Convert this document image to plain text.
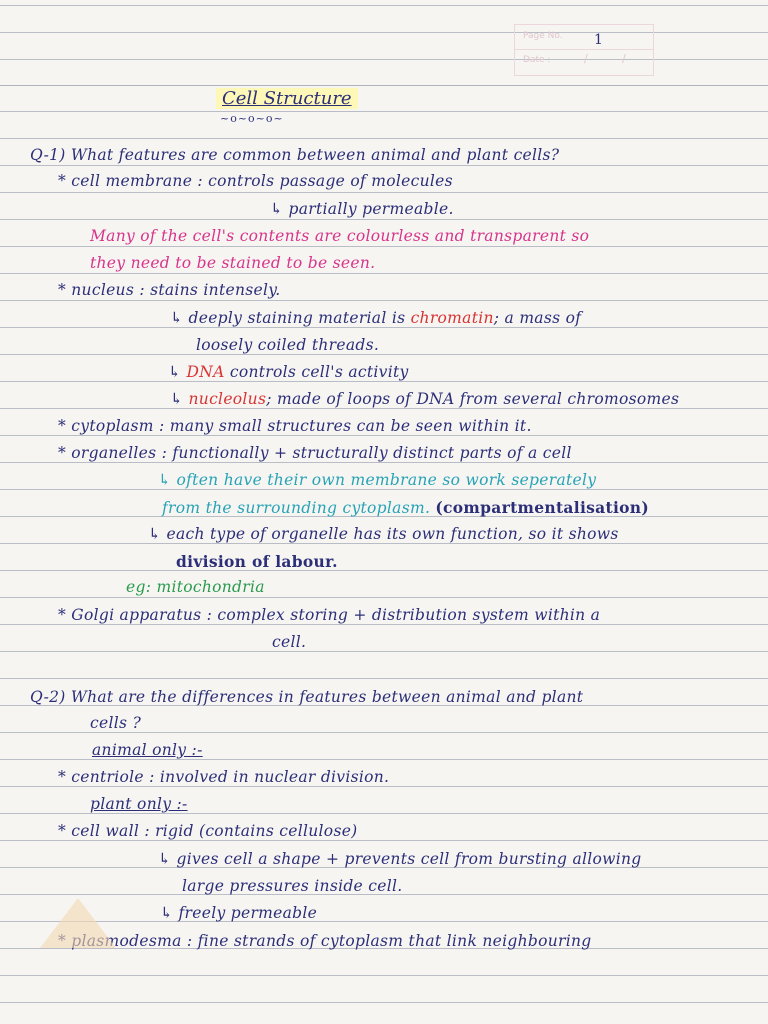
Page No.
Date :
1
/	/
Cell Structure
~o~o~o~
Q-1) What features are common between animal and plant cells?
* cell membrane : controls passage of molecules
↳ partially permeable.
Many of the cell's contents are colourless and transparent so
they need to be stained to be seen.
* nucleus : stains intensely.
↳ deeply staining material is chromatin; a mass of
loosely coiled threads.
↳ DNA controls cell's activity
↳ nucleolus; made of loops of DNA from several chromosomes
* cytoplasm : many small structures can be seen within it.
* organelles : functionally + structurally distinct parts of a cell
↳ often have their own membrane so work seperately
from the surrounding cytoplasm. (compartmentalisation)
↳ each type of organelle has its own function, so it shows
division of labour.
eg: mitochondria
* Golgi apparatus : complex storing + distribution system within a
cell.
Q-2) What are the differences in features between animal and plant
cells ?
animal only :-
* centriole : involved in nuclear division.
plant only :-
* cell wall : rigid (contains cellulose)
↳ gives cell a shape + prevents cell from bursting allowing
large pressures inside cell.
↳ freely permeable
* plasmodesma : fine strands of cytoplasm that link neighbouring
